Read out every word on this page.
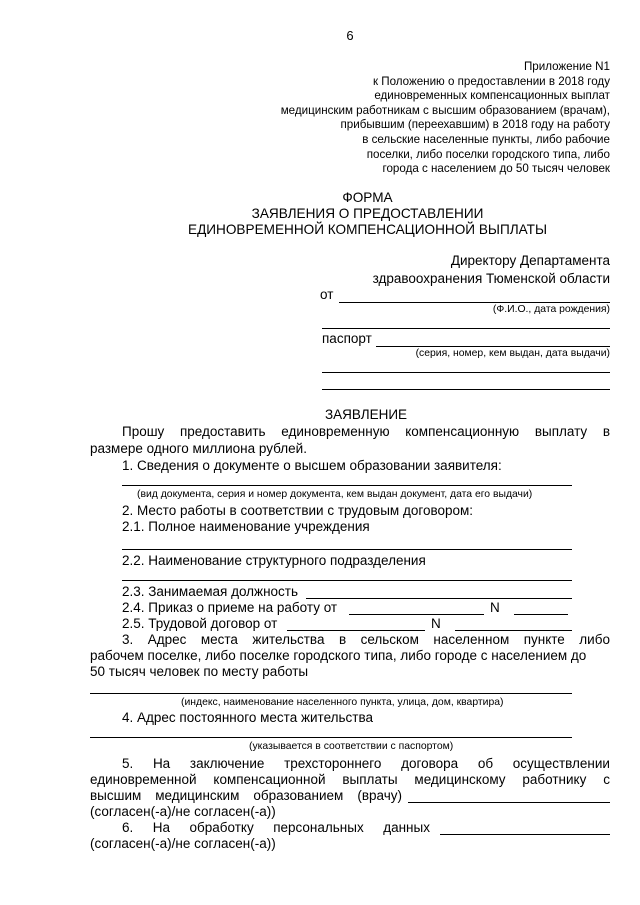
6
Приложение N1
к Положению о предоставлении в 2018 году
единовременных компенсационных выплат
медицинским работникам с высшим образованием (врачам),
прибывшим (переехавшим) в 2018 году на работу
в сельские населенные пункты, либо рабочие
поселки, либо поселки городского типа, либо
города с населением до 50 тысяч человек
ФОРМА
ЗАЯВЛЕНИЯ О ПРЕДОСТАВЛЕНИИ
ЕДИНОВРЕМЕННОЙ КОМПЕНСАЦИОННОЙ ВЫПЛАТЫ
Директору Департамента
здравоохранения Тюменской области
от
(Ф.И.О., дата рождения)
паспорт
(серия, номер, кем выдан, дата выдачи)
ЗАЯВЛЕНИЕ
Прошу предоставить единовременную компенсационную выплату в
размере одного миллиона рублей.
1. Сведения о документе о высшем образовании заявителя:
(вид документа, серия и номер документа, кем выдан документ, дата его выдачи)
2. Место работы в соответствии с трудовым договором:
2.1. Полное наименование учреждения
2.2. Наименование структурного подразделения
2.3. Занимаемая должность
2.4. Приказ о приеме на работу от	N
2.5. Трудовой договор от	N
3. Адрес места жительства в сельском населенном пункте либо
рабочем поселке, либо поселке городского типа, либо городе с населением до
50 тысяч человек по месту работы
(индекс, наименование населенного пункта, улица, дом, квартира)
4. Адрес постоянного места жительства
(указывается в соответствии с паспортом)
5. На заключение трехстороннего договора об осуществлении
единовременной компенсационной выплаты медицинскому работнику с
высшим медицинским образованием (врачу)
(согласен(-а)/не согласен(-а))
6. На обработку персональных данных
(согласен(-а)/не согласен(-а))
